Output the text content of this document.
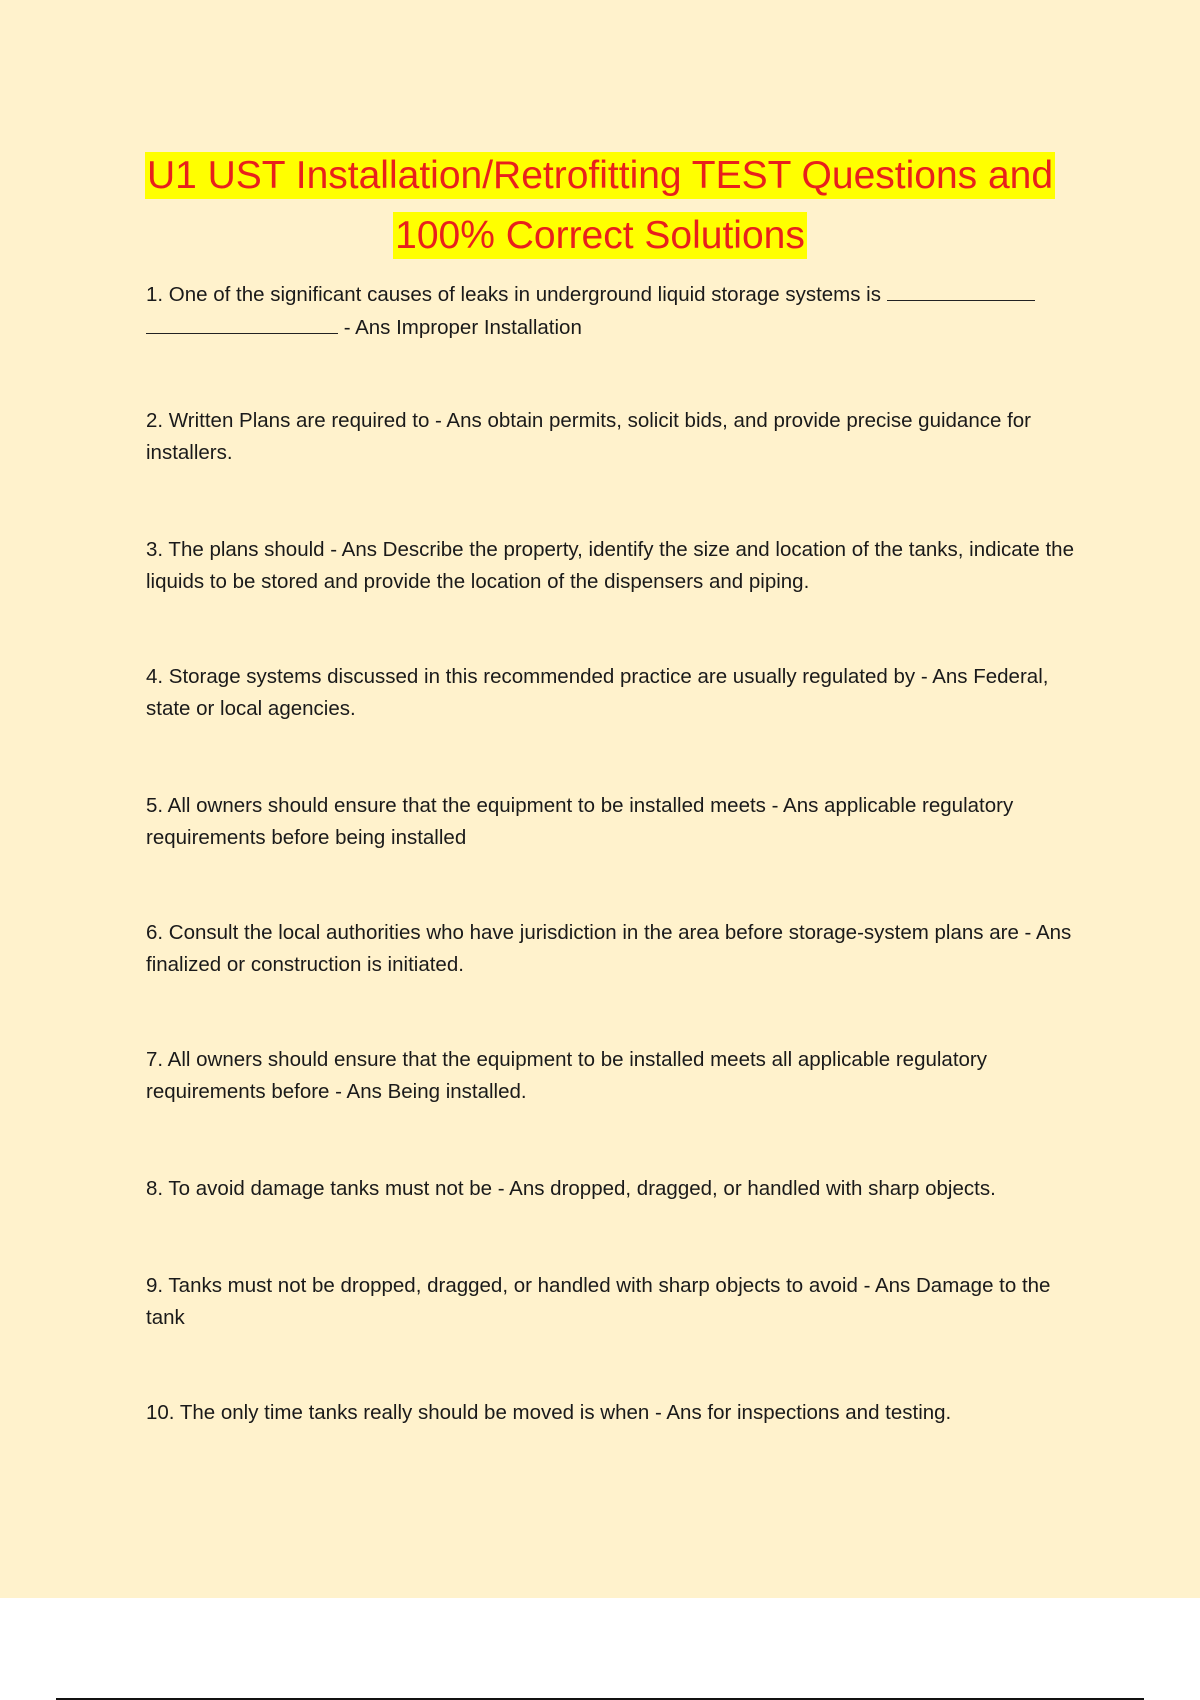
U1 UST Installation/Retrofitting TEST Questions and
100% Correct Solutions
1. One of the significant causes of leaks in underground liquid storage systems is
- Ans Improper Installation
2. Written Plans are required to - Ans obtain permits, solicit bids, and provide precise guidance for installers.
3. The plans should - Ans Describe the property, identify the size and location of the tanks, indicate the liquids to be stored and provide the location of the dispensers and piping.
4. Storage systems discussed in this recommended practice are usually regulated by - Ans Federal, state or local agencies.
5. All owners should ensure that the equipment to be installed meets - Ans applicable regulatory requirements before being installed
6. Consult the local authorities who have jurisdiction in the area before storage-system plans are - Ans finalized or construction is initiated.
7. All owners should ensure that the equipment to be installed meets all applicable regulatory requirements before - Ans Being installed.
8. To avoid damage tanks must not be - Ans dropped, dragged, or handled with sharp objects.
9. Tanks must not be dropped, dragged, or handled with sharp objects to avoid - Ans Damage to the tank
10. The only time tanks really should be moved is when - Ans for inspections and testing.
